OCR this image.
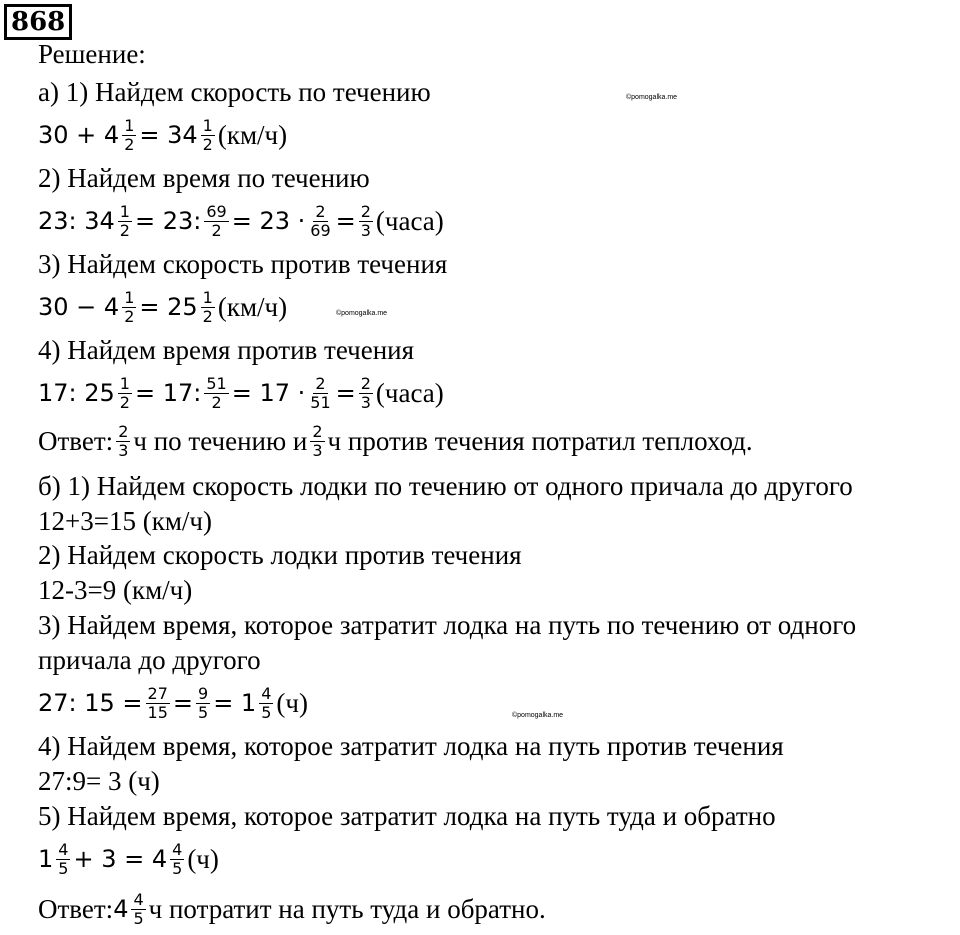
868
©pomogalka.me
©pomogalka.me
©pomogalka.me
Решение:
а) 1) Найдем скорость по течению
$30 + 4 \frac{1}{2} = 34 \frac{1}{2} (км/ч)$
2) Найдем время по течению
23: $34 \frac{1}{2} = 23$: $\frac{69}{2} = 23 \cdot \frac{2}{69} = \frac{2}{3}$ (часа)
3) Найдем скорость против течения
$30 - 4 \frac{1}{2} = 25 \frac{1}{2} (км/ч)$
4) Найдем время против течения
17: $25 \frac{1}{2} = 17$: $\frac{51}{2} = 17 \cdot \frac{2}{51} = \frac{2}{3}$ (часа)
Ответ: $\frac{2}{3}$ ч по течению и $\frac{2}{3}$ ч против течения потратил теплоход.
б) 1) Найдем скорость лодки по течению от одного причала до другого
12+3=15 (км/ч)
2) Найдем скорость лодки против течения
12-3=9 (км/ч)
3) Найдем время, которое затратит лодка на путь по течению от одного
причала до другого
27: $15 = \frac{27}{15} = \frac{9}{5} = 1 \frac{4}{5} (ч)$
4) Найдем время, которое затратит лодка на путь против течения
27:9= 3 (ч)
5) Найдем время, которое затратит лодка на путь туда и обратно
$1 \frac{4}{5} + 3 = 4 \frac{4}{5} (ч)$
Ответ: $4 \frac{4}{5}$ ч потратит на путь туда и обратно.
